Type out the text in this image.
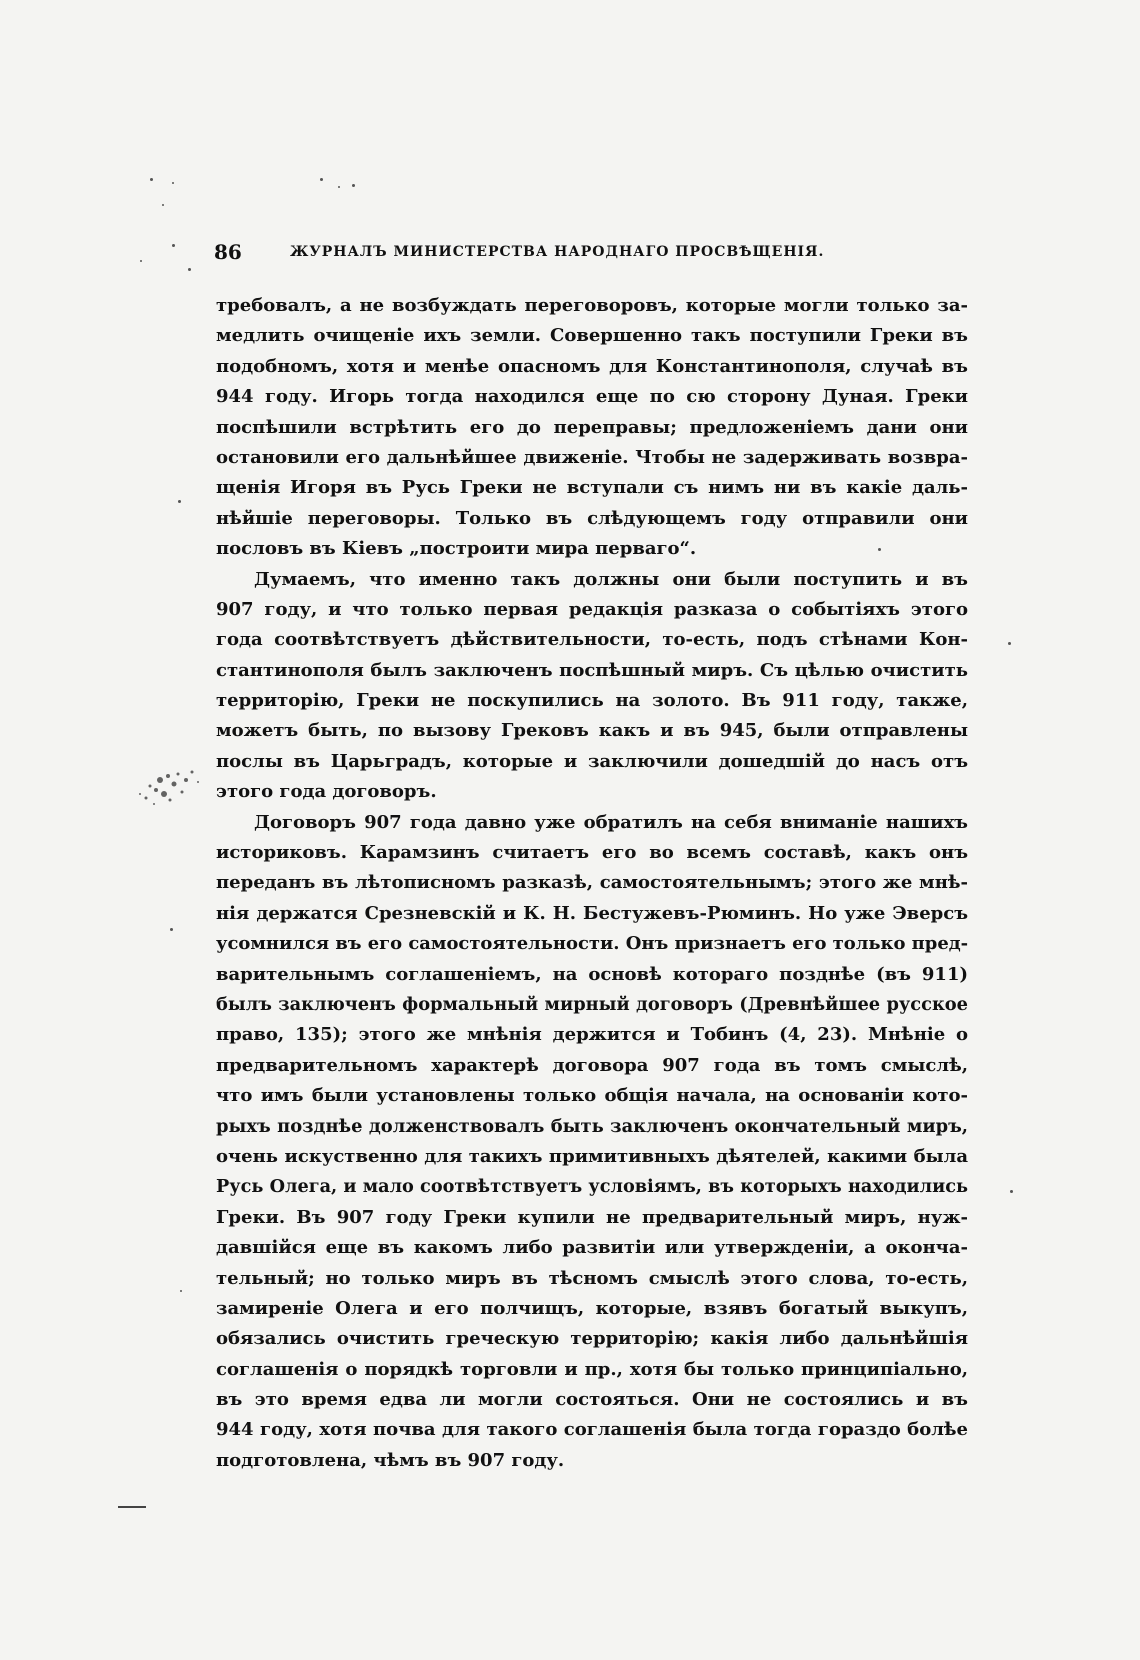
86	ЖУРНАЛЪ МИНИСТЕРСТВА НАРОДНАГО ПРОСВѢЩЕНІЯ.
требовалъ, а не возбуждать переговоровъ, которые могли только за-
медлить очищеніе ихъ земли. Совершенно такъ поступили Греки въ
подобномъ, хотя и менѣе опасномъ для Константинополя, случаѣ въ
944 году. Игорь тогда находился еще по сю сторону Дуная. Греки
поспѣшили встрѣтить его до переправы; предложеніемъ дани они
остановили его дальнѣйшее движеніе. Чтобы не задерживать возвра-
щенія Игоря въ Русь Греки не вступали съ нимъ ни въ какіе даль-
нѣйшіе переговоры. Только въ слѣдующемъ году отправили они
пословъ въ Кіевъ „построити мира перваго“.
Думаемъ, что именно такъ должны они были поступить и въ
907 году, и что только первая редакція разказа о событіяхъ этого
года соотвѣтствуетъ дѣйствительности, то-есть, подъ стѣнами Кон-
стантинополя былъ заключенъ поспѣшный миръ. Съ цѣлью очистить
территорію, Греки не поскупились на золото. Въ 911 году, также,
можетъ быть, по вызову Грековъ какъ и въ 945, были отправлены
послы въ Царьградъ, которые и заключили дошедшій до насъ отъ
этого года договоръ.
Договоръ 907 года давно уже обратилъ на себя вниманіе нашихъ
историковъ. Карамзинъ считаетъ его во всемъ составѣ, какъ онъ
переданъ въ лѣтописномъ разказѣ, самостоятельнымъ; этого же мнѣ-
нія держатся Срезневскій и К. Н. Бестужевъ-Рюминъ. Но уже Эверсъ
усомнился въ его самостоятельности. Онъ признаетъ его только пред-
варительнымъ соглашеніемъ, на основѣ котораго позднѣе (въ 911)
былъ заключенъ формальный мирный договоръ (Древнѣйшее русское
право, 135); этого же мнѣнія держится и Тобинъ (4, 23). Мнѣніе о
предварительномъ характерѣ договора 907 года въ томъ смыслѣ,
что имъ были установлены только общія начала, на основаніи кото-
рыхъ позднѣе долженствовалъ быть заключенъ окончательный миръ,
очень искуственно для такихъ примитивныхъ дѣятелей, какими была
Русь Олега, и мало соотвѣтствуетъ условіямъ, въ которыхъ находились
Греки. Въ 907 году Греки купили не предварительный миръ, нуж-
давшійся еще въ какомъ либо развитіи или утвержденіи, а оконча-
тельный; но только миръ въ тѣсномъ смыслѣ этого слова, то-есть,
замиреніе Олега и его полчищъ, которые, взявъ богатый выкупъ,
обязались очистить греческую территорію; какія либо дальнѣйшія
соглашенія о порядкѣ торговли и пр., хотя бы только принципіально,
въ это время едва ли могли состояться. Они не состоялись и въ
944 году, хотя почва для такого соглашенія была тогда гораздо болѣе
подготовлена, чѣмъ въ 907 году.
